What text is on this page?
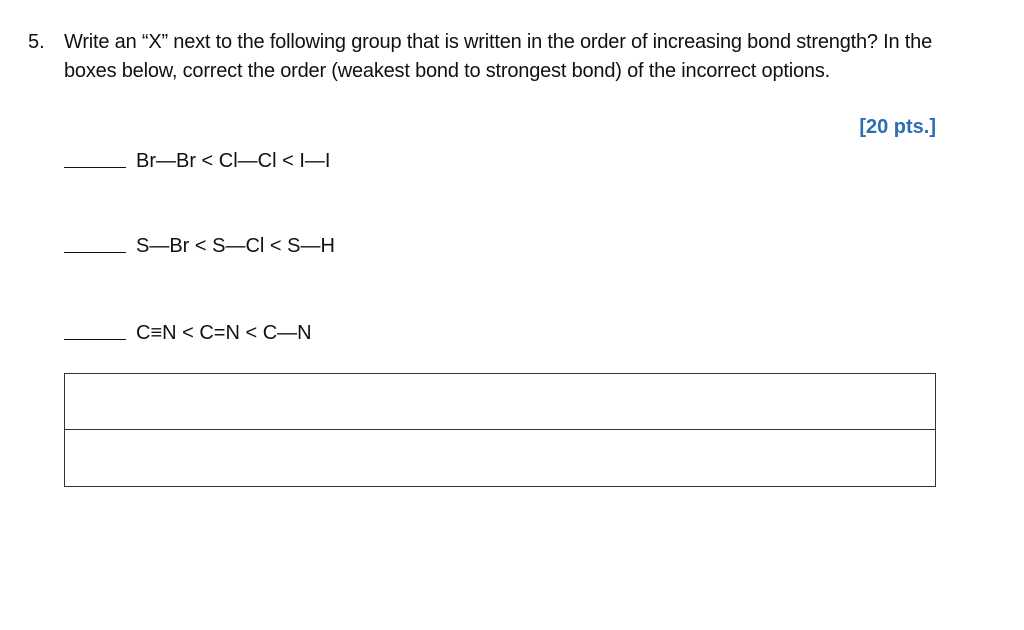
5. Write an “X” next to the following group that is written in the order of increasing bond strength? In the boxes below, correct the order (weakest bond to strongest bond) of the incorrect options.
[20 pts.]
Br—Br < Cl—Cl < I—I
S—Br < S—Cl < S—H
C≡N < C=N < C—N
